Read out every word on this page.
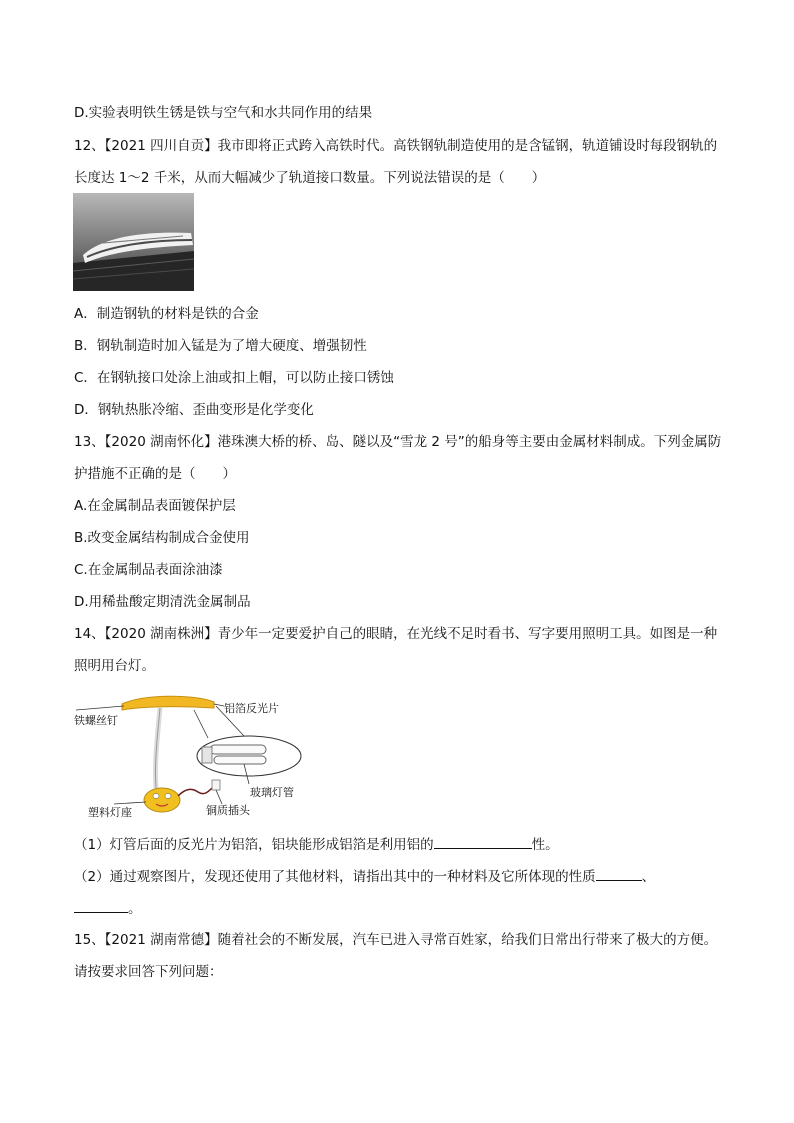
D.实验表明铁生锈是铁与空气和水共同作用的结果
12、【2021 四川自贡】我市即将正式跨入高铁时代。高铁钢轨制造使用的是含锰钢，轨道铺设时每段钢轨的
长度达 1～2 千米，从而大幅减少了轨道接口数量。下列说法错误的是（　　）
A．制造钢轨的材料是铁的合金
B．钢轨制造时加入锰是为了增大硬度、增强韧性
C．在钢轨接口处涂上油或扣上帽，可以防止接口锈蚀
D．钢轨热胀冷缩、歪曲变形是化学变化
13、【2020 湖南怀化】港珠澳大桥的桥、岛、隧以及“雪龙 2 号”的船身等主要由金属材料制成。下列金属防
护措施不正确的是（　　）
A.在金属制品表面镀保护层
B.改变金属结构制成合金使用
C.在金属制品表面涂油漆
D.用稀盐酸定期清洗金属制品
14、【2020 湖南株洲】青少年一定要爱护自己的眼睛，在光线不足时看书、写字要用照明工具。如图是一种
照明用台灯。
铁螺丝钉
铝箔反光片
玻璃灯管
铜质插头
塑料灯座
（1）灯管后面的反光片为铝箔，铝块能形成铝箔是利用铝的	性。
（2）通过观察图片，发现还使用了其他材料，请指出其中的一种材料及它所体现的性质	、
。
15、【2021 湖南常德】随着社会的不断发展，汽车已进入寻常百姓家，给我们日常出行带来了极大的方便。
请按要求回答下列问题：
